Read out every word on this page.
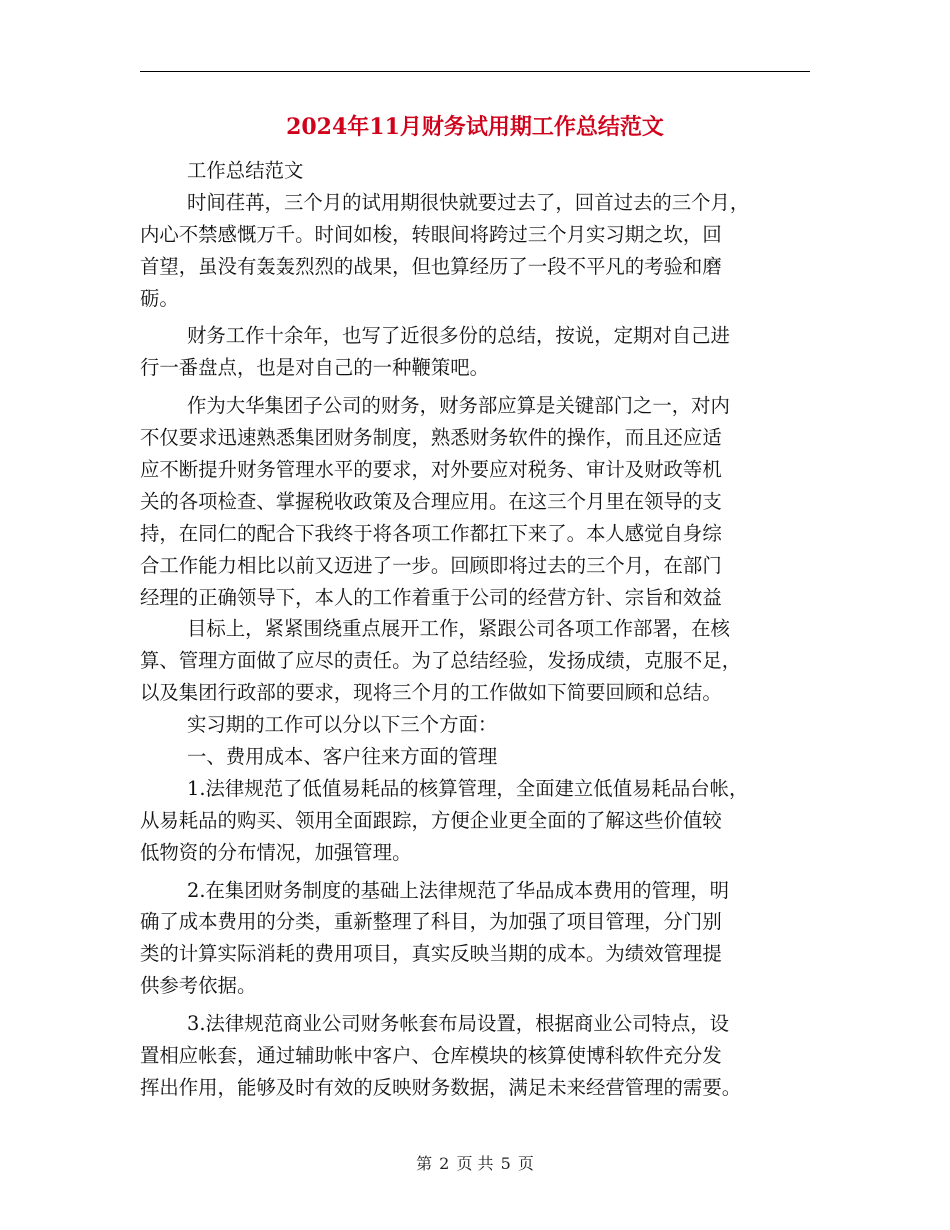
2024年11月财务试用期工作总结范文
工作总结范文
时间荏苒，三个月的试用期很快就要过去了，回首过去的三个月，
内心不禁感慨万千。时间如梭，转眼间将跨过三个月实习期之坎，回
首望，虽没有轰轰烈烈的战果，但也算经历了一段不平凡的考验和磨
砺。
财务工作十余年，也写了近很多份的总结，按说，定期对自己进
行一番盘点，也是对自己的一种鞭策吧。
作为大华集团子公司的财务，财务部应算是关键部门之一，对内
不仅要求迅速熟悉集团财务制度，熟悉财务软件的操作，而且还应适
应不断提升财务管理水平的要求，对外要应对税务、审计及财政等机
关的各项检查、掌握税收政策及合理应用。在这三个月里在领导的支
持，在同仁的配合下我终于将各项工作都扛下来了。本人感觉自身综
合工作能力相比以前又迈进了一步。回顾即将过去的三个月，在部门
经理的正确领导下，本人的工作着重于公司的经营方针、宗旨和效益
目标上，紧紧围绕重点展开工作，紧跟公司各项工作部署，在核
算、管理方面做了应尽的责任。为了总结经验，发扬成绩，克服不足，
以及集团行政部的要求，现将三个月的工作做如下简要回顾和总结。
实习期的工作可以分以下三个方面：
一、费用成本、客户往来方面的管理
1.法律规范了低值易耗品的核算管理，全面建立低值易耗品台帐，
从易耗品的购买、领用全面跟踪，方便企业更全面的了解这些价值较
低物资的分布情况，加强管理。
2.在集团财务制度的基础上法律规范了华品成本费用的管理，明
确了成本费用的分类，重新整理了科目，为加强了项目管理，分门别
类的计算实际消耗的费用项目，真实反映当期的成本。为绩效管理提
供参考依据。
3.法律规范商业公司财务帐套布局设置，根据商业公司特点，设
置相应帐套，通过辅助帐中客户、仓库模块的核算使博科软件充分发
挥出作用，能够及时有效的反映财务数据，满足未来经营管理的需要。
第 2 页 共 5 页
